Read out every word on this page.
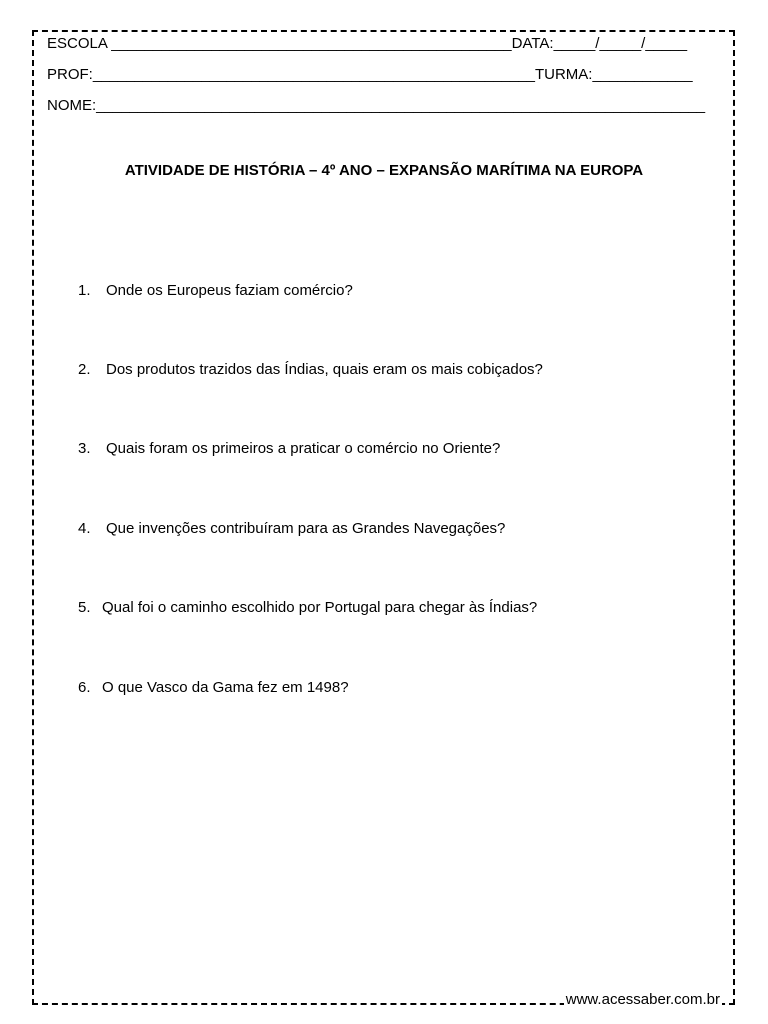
ESCOLA ________________________________________________DATA:_____/_____/_____
PROF:_____________________________________________________TURMA:____________
NOME:_________________________________________________________________________
ATIVIDADE DE HISTÓRIA – 4º ANO – EXPANSÃO MARÍTIMA NA EUROPA
1. Onde os Europeus faziam comércio?
2. Dos produtos trazidos das Índias, quais eram os mais cobiçados?
3. Quais foram os primeiros a praticar o comércio no Oriente?
4. Que invenções contribuíram para as Grandes Navegações?
5. Qual foi o caminho escolhido por Portugal para chegar às Índias?
6. O que Vasco da Gama fez em 1498?
www.acessaber.com.br
